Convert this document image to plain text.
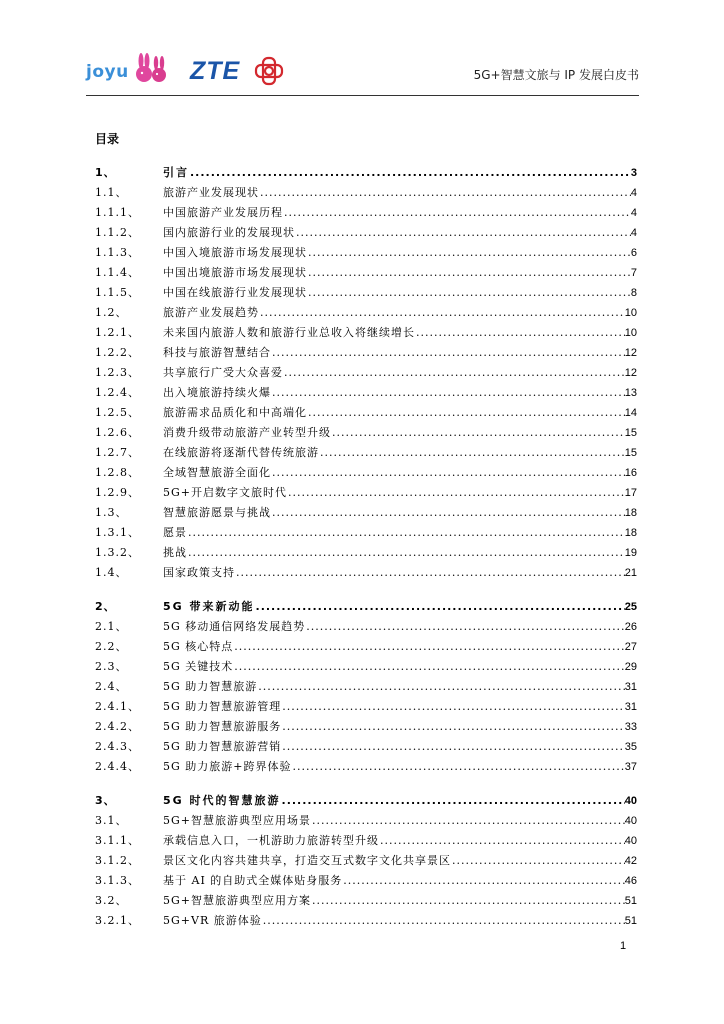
joyu ZTE	5G+智慧文旅与 IP 发展白皮书
目录
1、	引言 .....	3
1.1、	旅游产业发展现状 .....	4
1.1.1、 中国旅游产业发展历程 .....	4
1.1.2、 国内旅游行业的发展现状 .....	4
1.1.3、 中国入境旅游市场发展现状 .....	6
1.1.4、 中国出境旅游市场发展现状 .....	7
1.1.5、 中国在线旅游行业发展现状 .....	8
1.2、	旅游产业发展趋势 .....	10
1.2.1、 未来国内旅游人数和旅游行业总收入将继续增长 .....	10
1.2.2、 科技与旅游智慧结合 .....	12
1.2.3、 共享旅行广受大众喜爱 .....	12
1.2.4、 出入境旅游持续火爆 .....	13
1.2.5、 旅游需求品质化和中高端化 .....	14
1.2.6、 消费升级带动旅游产业转型升级 .....	15
1.2.7、 在线旅游将逐渐代替传统旅游 .....	15
1.2.8、 全域智慧旅游全面化 .....	16
1.2.9、 5G+开启数字文旅时代 .....	17
1.3、	智慧旅游愿景与挑战 .....	18
1.3.1、 愿景 .....	18
1.3.2、 挑战 .....	19
1.4、	国家政策支持 .....	21
2、	5G 带来新动能 .....	25
2.1、	5G 移动通信网络发展趋势 .....	26
2.2、	5G 核心特点 .....	27
2.3、	5G 关键技术 .....	29
2.4、	5G 助力智慧旅游 .....	31
2.4.1、 5G 助力智慧旅游管理 .....	31
2.4.2、 5G 助力智慧旅游服务 .....	33
2.4.3、 5G 助力智慧旅游营销 .....	35
2.4.4、 5G 助力旅游+跨界体验 .....	37
3、	5G 时代的智慧旅游 .....	40
3.1、	5G+智慧旅游典型应用场景 .....	40
3.1.1、 承载信息入口，一机游助力旅游转型升级 .....	40
3.1.2、 景区文化内容共建共享，打造交互式数字文化共享景区 .....	42
3.1.3、 基于 AI 的自助式全媒体贴身服务 .....	46
3.2、	5G+智慧旅游典型应用方案 .....	51
3.2.1、 5G+VR 旅游体验 .....	51
1
